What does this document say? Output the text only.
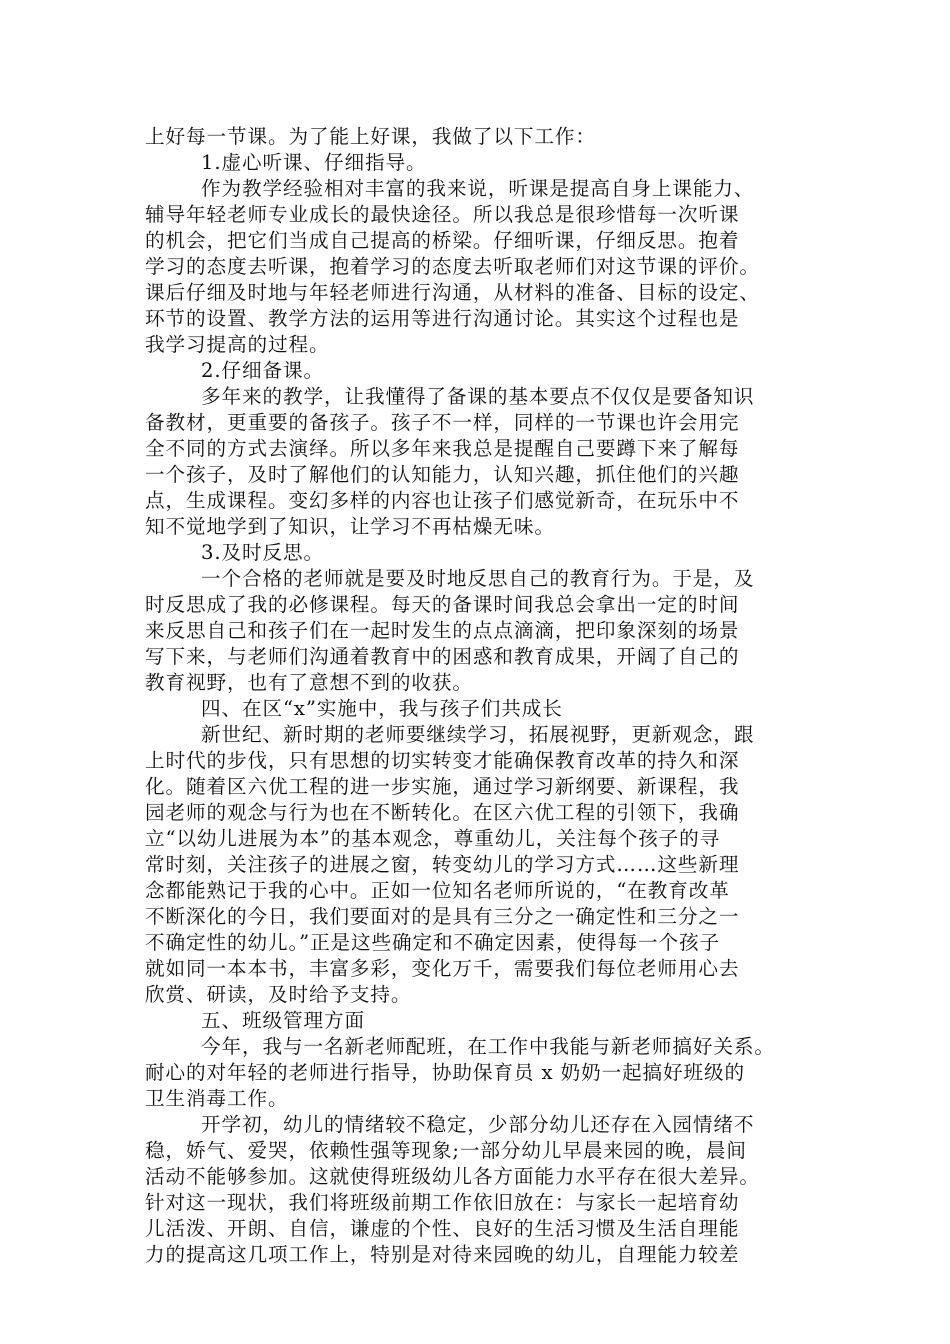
上好每一节课。为了能上好课，我做了以下工作：
1.虚心听课、仔细指导。
作为教学经验相对丰富的我来说，听课是提高自身上课能力、
辅导年轻老师专业成长的最快途径。所以我总是很珍惜每一次听课
的机会，把它们当成自己提高的桥梁。仔细听课，仔细反思。抱着
学习的态度去听课，抱着学习的态度去听取老师们对这节课的评价。
课后仔细及时地与年轻老师进行沟通，从材料的准备、目标的设定、
环节的设置、教学方法的运用等进行沟通讨论。其实这个过程也是
我学习提高的过程。
2.仔细备课。
多年来的教学，让我懂得了备课的基本要点不仅仅是要备知识
备教材，更重要的备孩子。孩子不一样，同样的一节课也许会用完
全不同的方式去演绎。所以多年来我总是提醒自己要蹲下来了解每
一个孩子，及时了解他们的认知能力，认知兴趣，抓住他们的兴趣
点，生成课程。变幻多样的内容也让孩子们感觉新奇，在玩乐中不
知不觉地学到了知识，让学习不再枯燥无味。
3.及时反思。
一个合格的老师就是要及时地反思自己的教育行为。于是，及
时反思成了我的必修课程。每天的备课时间我总会拿出一定的时间
来反思自己和孩子们在一起时发生的点点滴滴，把印象深刻的场景
写下来，与老师们沟通着教育中的困惑和教育成果，开阔了自己的
教育视野，也有了意想不到的收获。
四、在区“x”实施中，我与孩子们共成长
新世纪、新时期的老师要继续学习，拓展视野，更新观念，跟
上时代的步伐，只有思想的切实转变才能确保教育改革的持久和深
化。随着区六优工程的进一步实施，通过学习新纲要、新课程，我
园老师的观念与行为也在不断转化。在区六优工程的引领下，我确
立“以幼儿进展为本”的基本观念，尊重幼儿，关注每个孩子的寻
常时刻，关注孩子的进展之窗，转变幼儿的学习方式……这些新理
念都能熟记于我的心中。正如一位知名老师所说的，“在教育改革
不断深化的今日，我们要面对的是具有三分之一确定性和三分之一
不确定性的幼儿。”正是这些确定和不确定因素，使得每一个孩子
就如同一本本书，丰富多彩，变化万千，需要我们每位老师用心去
欣赏、研读，及时给予支持。
五、班级管理方面
今年，我与一名新老师配班，在工作中我能与新老师搞好关系。
耐心的对年轻的老师进行指导，协助保育员 x 奶奶一起搞好班级的
卫生消毒工作。
开学初，幼儿的情绪较不稳定，少部分幼儿还存在入园情绪不
稳，娇气、爱哭，依赖性强等现象;一部分幼儿早晨来园的晚，晨间
活动不能够参加。这就使得班级幼儿各方面能力水平存在很大差异。
针对这一现状，我们将班级前期工作依旧放在：与家长一起培育幼
儿活泼、开朗、自信，谦虚的个性、良好的生活习惯及生活自理能
力的提高这几项工作上，特别是对待来园晚的幼儿，自理能力较差
